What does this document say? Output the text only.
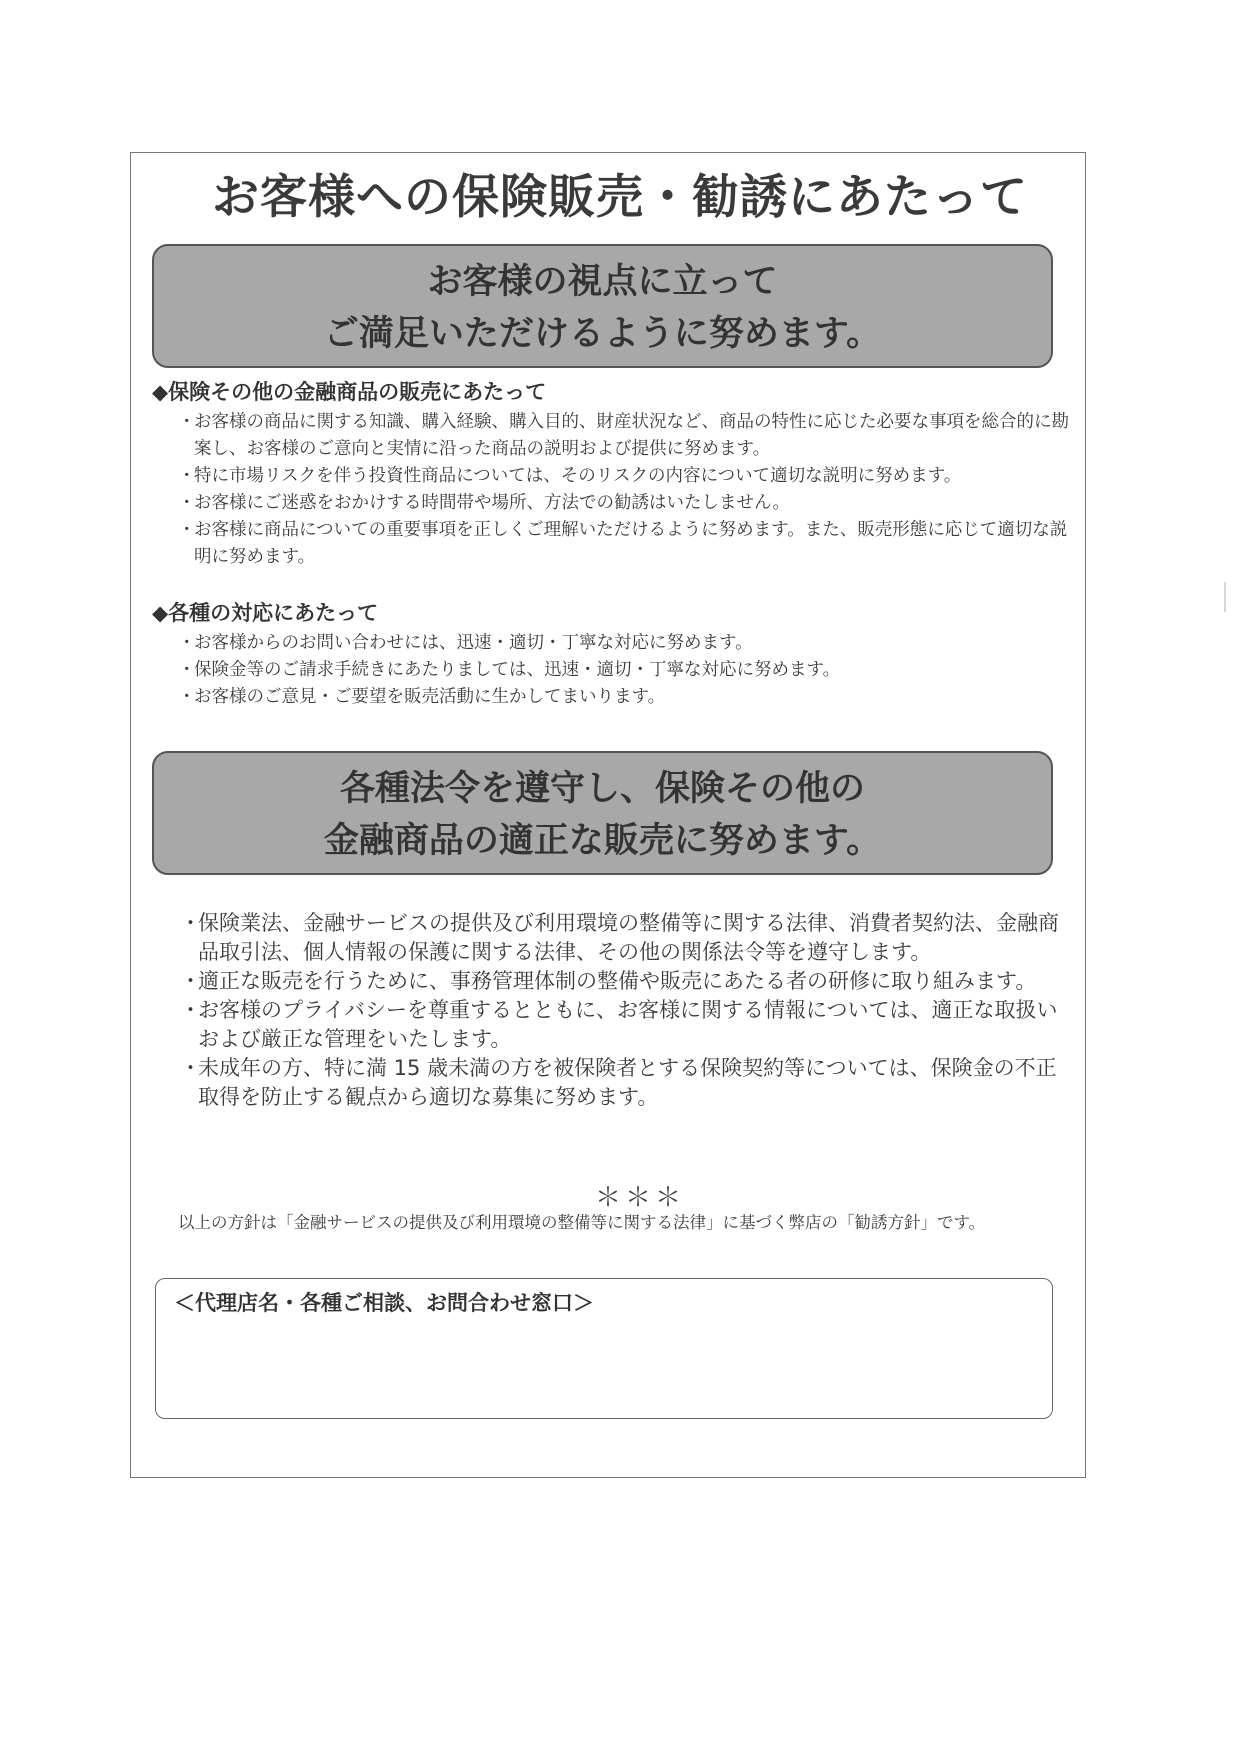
お客様への保険販売・勧誘にあたって
お客様の視点に立って
ご満足いただけるように努めます。
◆保険その他の金融商品の販売にあたって
・
お客様の商品に関する知識、購入経験、購入目的、財産状況など、商品の特性に応じた必要な事項を総合的に勘案し、お客様のご意向と実情に沿った商品の説明および提供に努めます。
・
特に市場リスクを伴う投資性商品については、そのリスクの内容について適切な説明に努めます。
・
お客様にご迷惑をおかけする時間帯や場所、方法での勧誘はいたしません。
・
お客様に商品についての重要事項を正しくご理解いただけるように努めます。また、販売形態に応じて適切な説明に努めます。
◆各種の対応にあたって
・
お客様からのお問い合わせには、迅速・適切・丁寧な対応に努めます。
・
保険金等のご請求手続きにあたりましては、迅速・適切・丁寧な対応に努めます。
・
お客様のご意見・ご要望を販売活動に生かしてまいります。
各種法令を遵守し、保険その他の
金融商品の適正な販売に努めます。
・
保険業法、金融サービスの提供及び利用環境の整備等に関する法律、消費者契約法、金融商品取引法、個人情報の保護に関する法律、その他の関係法令等を遵守します。
・
適正な販売を行うために、事務管理体制の整備や販売にあたる者の研修に取り組みます。
・
お客様のプライバシーを尊重するとともに、お客様に関する情報については、適正な取扱いおよび厳正な管理をいたします。
・
未成年の方、特に満 15 歳未満の方を被保険者とする保険契約等については、保険金の不正取得を防止する観点から適切な募集に努めます。
＊＊＊
以上の方針は「金融サービスの提供及び利用環境の整備等に関する法律」に基づく弊店の「勧誘方針」です。
＜代理店名・各種ご相談、お問合わせ窓口＞
